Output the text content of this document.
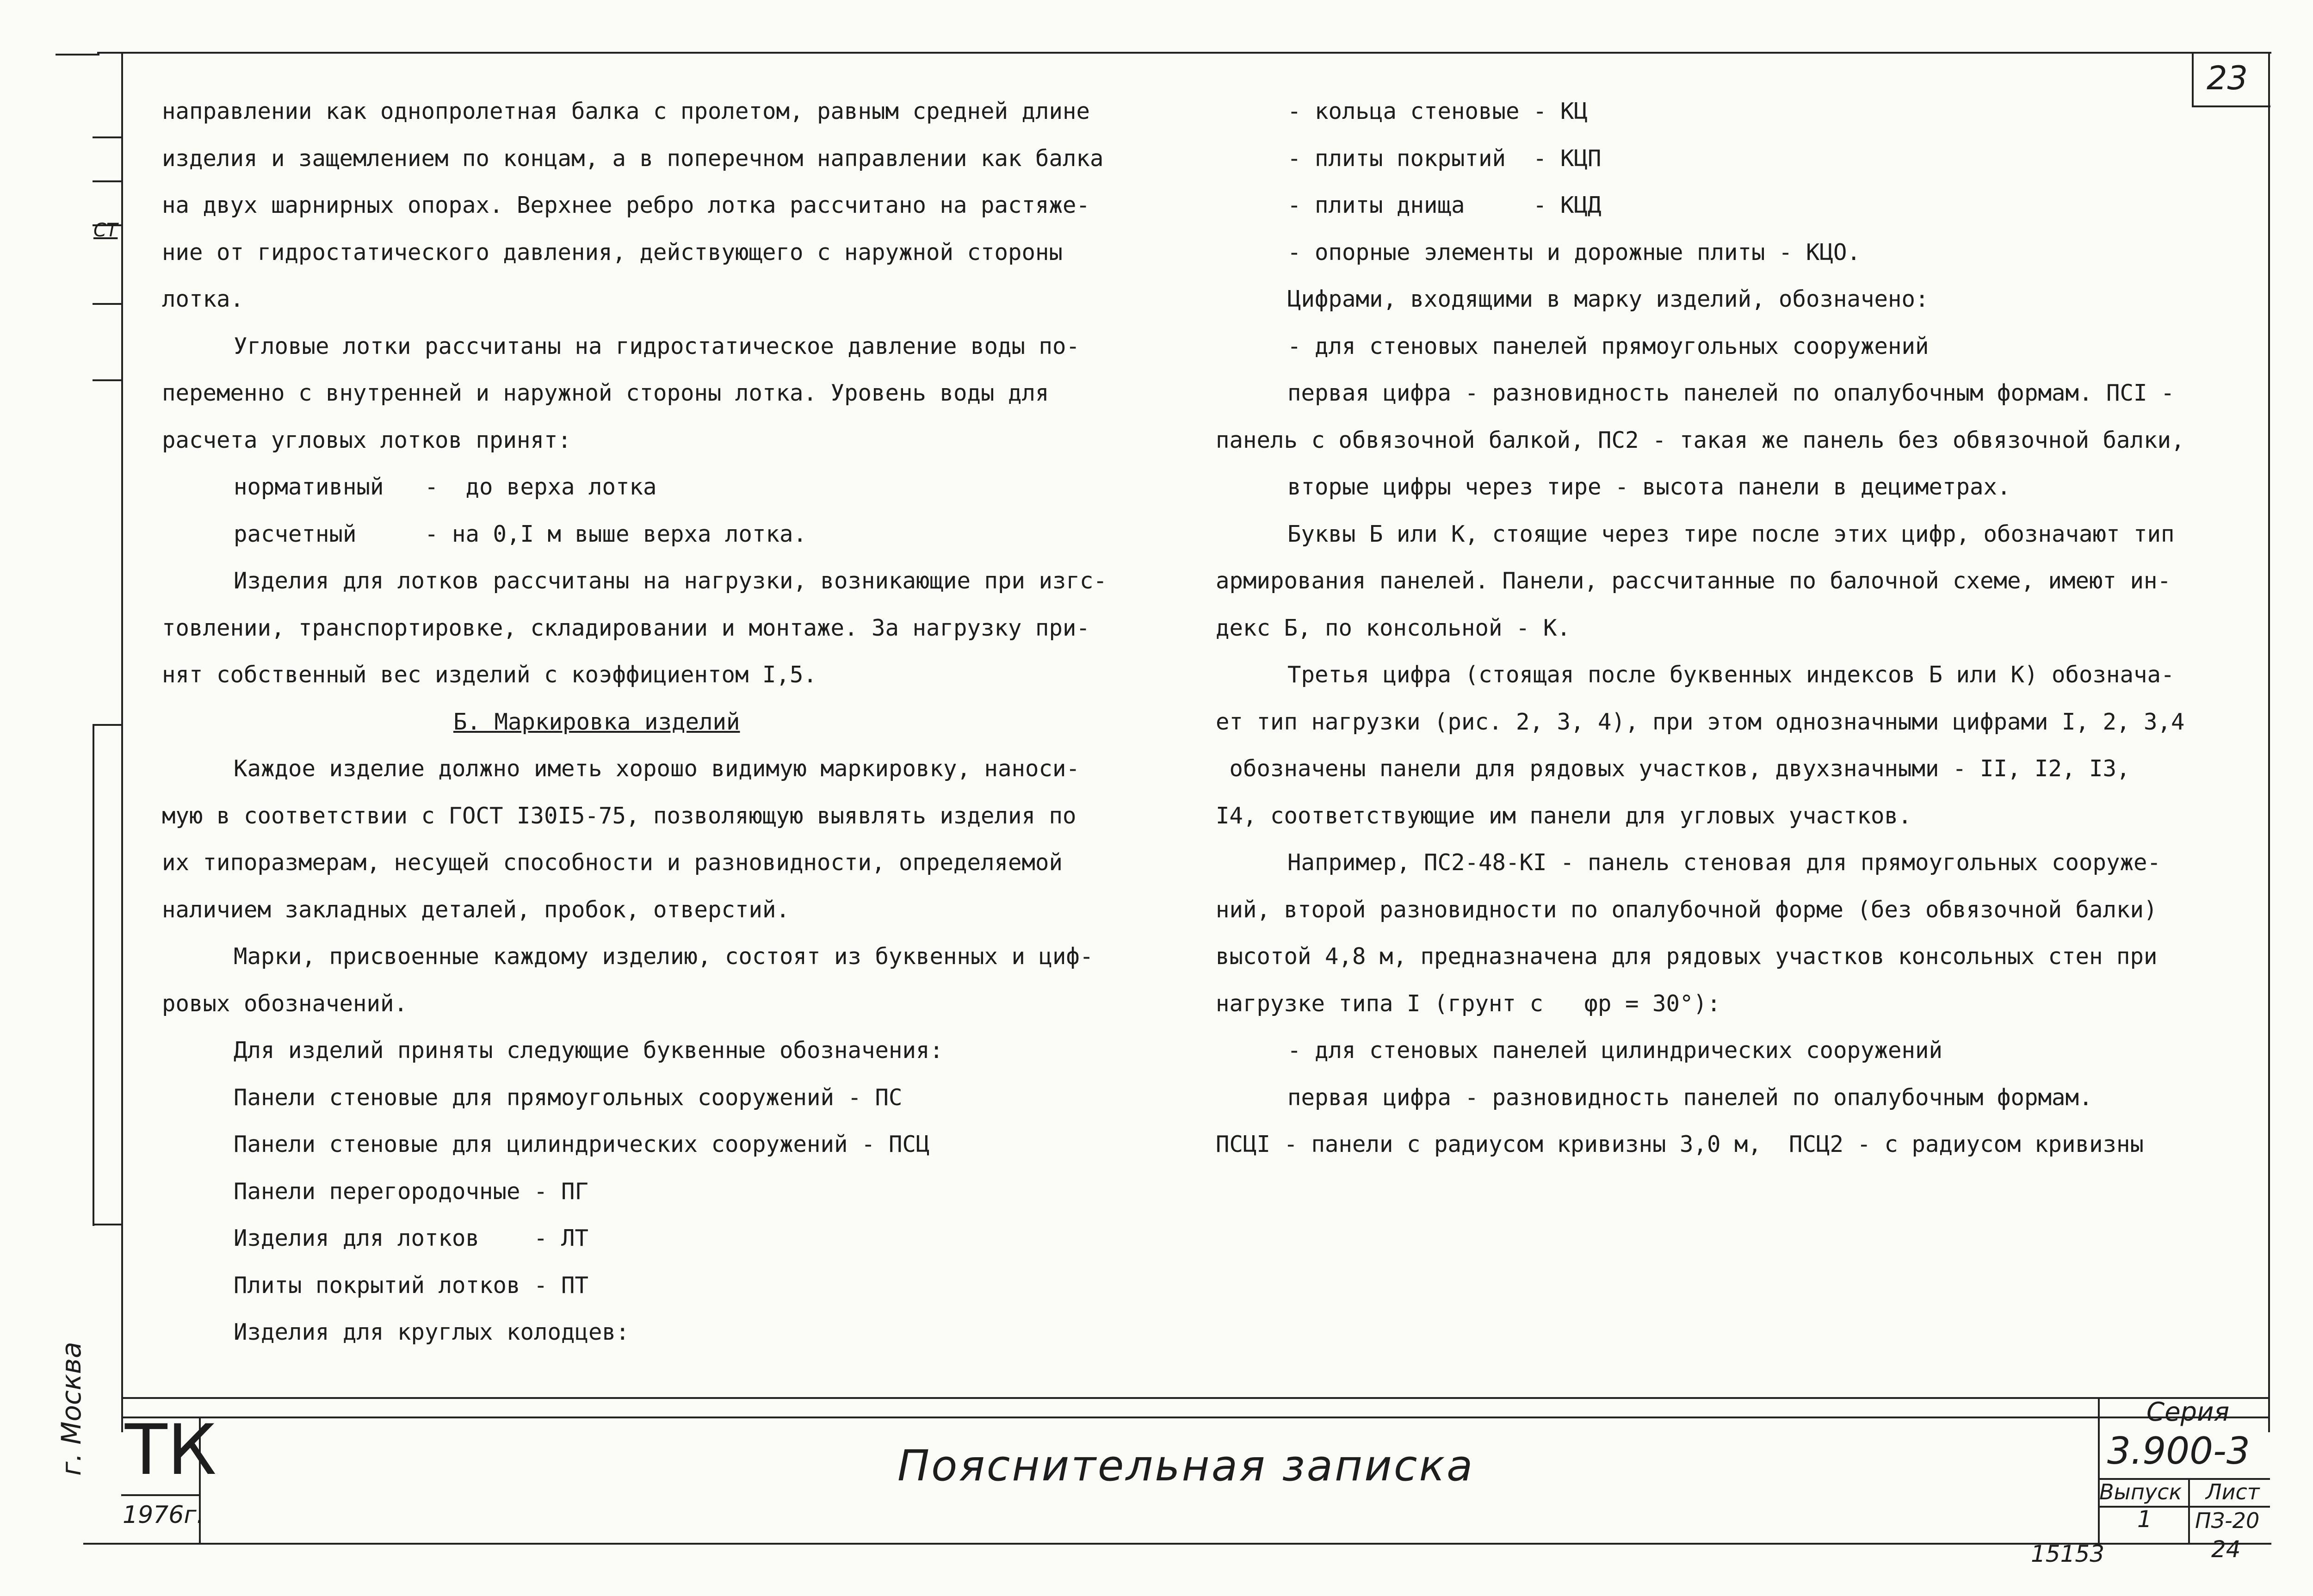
СТ
г. Москва
23
направлении как однопролетная балка с пролетом, равным средней длине
изделия и защемлением по концам, а в поперечном направлении как балка
на двух шарнирных опорах. Верхнее ребро лотка рассчитано на растяже-
ние от гидростатического давления, действующего с наружной стороны
лотка.
Угловые лотки рассчитаны на гидростатическое давление воды по-
переменно с внутренней и наружной стороны лотка. Уровень воды для
расчета угловых лотков принят:
нормативный   -  до верха лотка
расчетный     - на 0,I м выше верха лотка.
Изделия для лотков рассчитаны на нагрузки, возникающие при изгс-
товлении, транспортировке, складировании и монтаже. За нагрузку при-
нят собственный вес изделий с коэффициентом I,5.
Б. Маркировка изделий
Каждое изделие должно иметь хорошо видимую маркировку, наноси-
мую в соответствии с ГОСТ I30I5-75, позволяющую выявлять изделия по
их типоразмерам, несущей способности и разновидности, определяемой
наличием закладных деталей, пробок, отверстий.
Марки, присвоенные каждому изделию, состоят из буквенных и циф-
ровых обозначений.
Для изделий приняты следующие буквенные обозначения:
Панели стеновые для прямоугольных сооружений - ПС
Панели стеновые для цилиндрических сооружений - ПСЦ
Панели перегородочные - ПГ
Изделия для лотков    - ЛТ
Плиты покрытий лотков - ПТ
Изделия для круглых колодцев:
- кольца стеновые - КЦ
- плиты покрытий  - КЦП
- плиты днища     - КЦД
- опорные элементы и дорожные плиты - КЦО.
Цифрами, входящими в марку изделий, обозначено:
- для стеновых панелей прямоугольных сооружений
первая цифра - разновидность панелей по опалубочным формам. ПСI -
панель с обвязочной балкой, ПС2 - такая же панель без обвязочной балки,
вторые цифры через тире - высота панели в дециметрах.
Буквы Б или К, стоящие через тире после этих цифр, обозначают тип
армирования панелей. Панели, рассчитанные по балочной схеме, имеют ин-
декс Б, по консольной - К.
Третья цифра (стоящая после буквенных индексов Б или К) обознача-
ет тип нагрузки (рис. 2, 3, 4), при этом однозначными цифрами I, 2, 3,4
обозначены панели для рядовых участков, двухзначными - II, I2, I3,
I4, соответствующие им панели для угловых участков.
Например, ПС2-48-КI - панель стеновая для прямоугольных сооруже-
ний, второй разновидности по опалубочной форме (без обвязочной балки)
высотой 4,8 м, предназначена для рядовых участков консольных стен при
нагрузке типа I (грунт с   φp = 30°):
- для стеновых панелей цилиндрических сооружений
первая цифра - разновидность панелей по опалубочным формам.
ПСЦI - панели с радиусом кривизны 3,0 м,  ПСЦ2 - с радиусом кривизны
ТК
1976г.
Пояснительная записка
Серия
3.900-3
Выпуск
1
Лист
ПЗ-20
15153	24
